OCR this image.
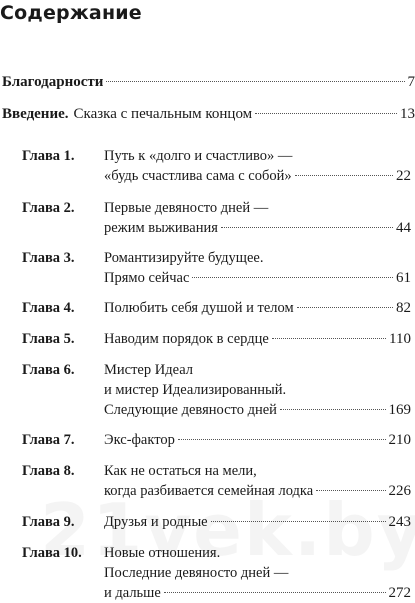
Содержание
Благодарности	7
Введение. Сказка с печальным концом	13
Глава 1. Путь к «долго и счастливо» —
«будь счастлива сама с собой»	22
Глава 2. Первые девяносто дней —
режим выживания	44
Глава 3. Романтизируйте будущее.
Прямо сейчас	61
Глава 4. Полюбить себя душой и телом	82
Глава 5. Наводим порядок в сердце	110
Глава 6. Мистер Идеал
и мистер Идеализированный.
Следующие девяносто дней	169
Глава 7. Экс-фактор	210
Глава 8. Как не остаться на мели,
когда разбивается семейная лодка	226
Глава 9. Друзья и родные	243
Глава 10. Новые отношения.
Последние девяносто дней —
и дальше	272
